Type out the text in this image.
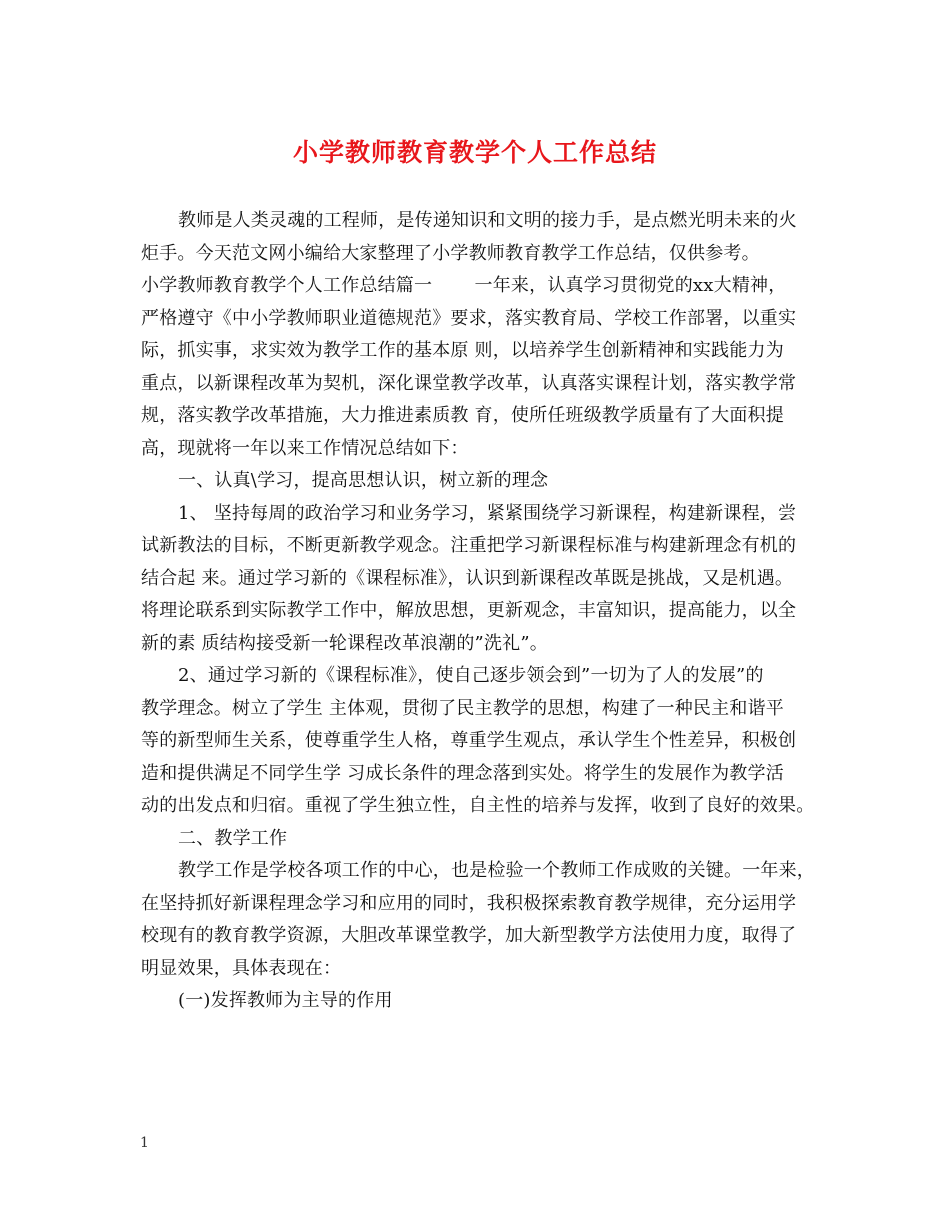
小学教师教育教学个人工作总结
教师是人类灵魂的工程师，是传递知识和文明的接力手，是点燃光明未来的火
炬手。今天范文网小编给大家整理了小学教师教育教学工作总结，仅供参考。
小学教师教育教学个人工作总结篇一　　 一年来，认真学习贯彻党的xx大精神，
严格遵守《中小学教师职业道德规范》要求，落实教育局、学校工作部署，以重实
际，抓实事，求实效为教学工作的基本原 则，以培养学生创新精神和实践能力为
重点，以新课程改革为契机，深化课堂教学改革，认真落实课程计划，落实教学常
规，落实教学改革措施，大力推进素质教 育，使所任班级教学质量有了大面积提
高，现就将一年以来工作情况总结如下：
一、认真\学习，提高思想认识，树立新的理念
1、 坚持每周的政治学习和业务学习，紧紧围绕学习新课程，构建新课程，尝
试新教法的目标，不断更新教学观念。注重把学习新课程标准与构建新理念有机的
结合起 来。通过学习新的《课程标准》，认识到新课程改革既是挑战，又是机遇。
将理论联系到实际教学工作中，解放思想，更新观念，丰富知识，提高能力，以全
新的素 质结构接受新一轮课程改革浪潮的”洗礼”。
2、通过学习新的《课程标准》，使自己逐步领会到”一切为了人的发展”的
教学理念。树立了学生 主体观，贯彻了民主教学的思想，构建了一种民主和谐平
等的新型师生关系，使尊重学生人格，尊重学生观点，承认学生个性差异，积极创
造和提供满足不同学生学 习成长条件的理念落到实处。将学生的发展作为教学活
动的出发点和归宿。重视了学生独立性，自主性的培养与发挥，收到了良好的效果。
二、教学工作
教学工作是学校各项工作的中心，也是检验一个教师工作成败的关键。一年来，
在坚持抓好新课程理念学习和应用的同时，我积极探索教育教学规律，充分运用学
校现有的教育教学资源，大胆改革课堂教学，加大新型教学方法使用力度，取得了
明显效果，具体表现在：
(一)发挥教师为主导的作用
1
